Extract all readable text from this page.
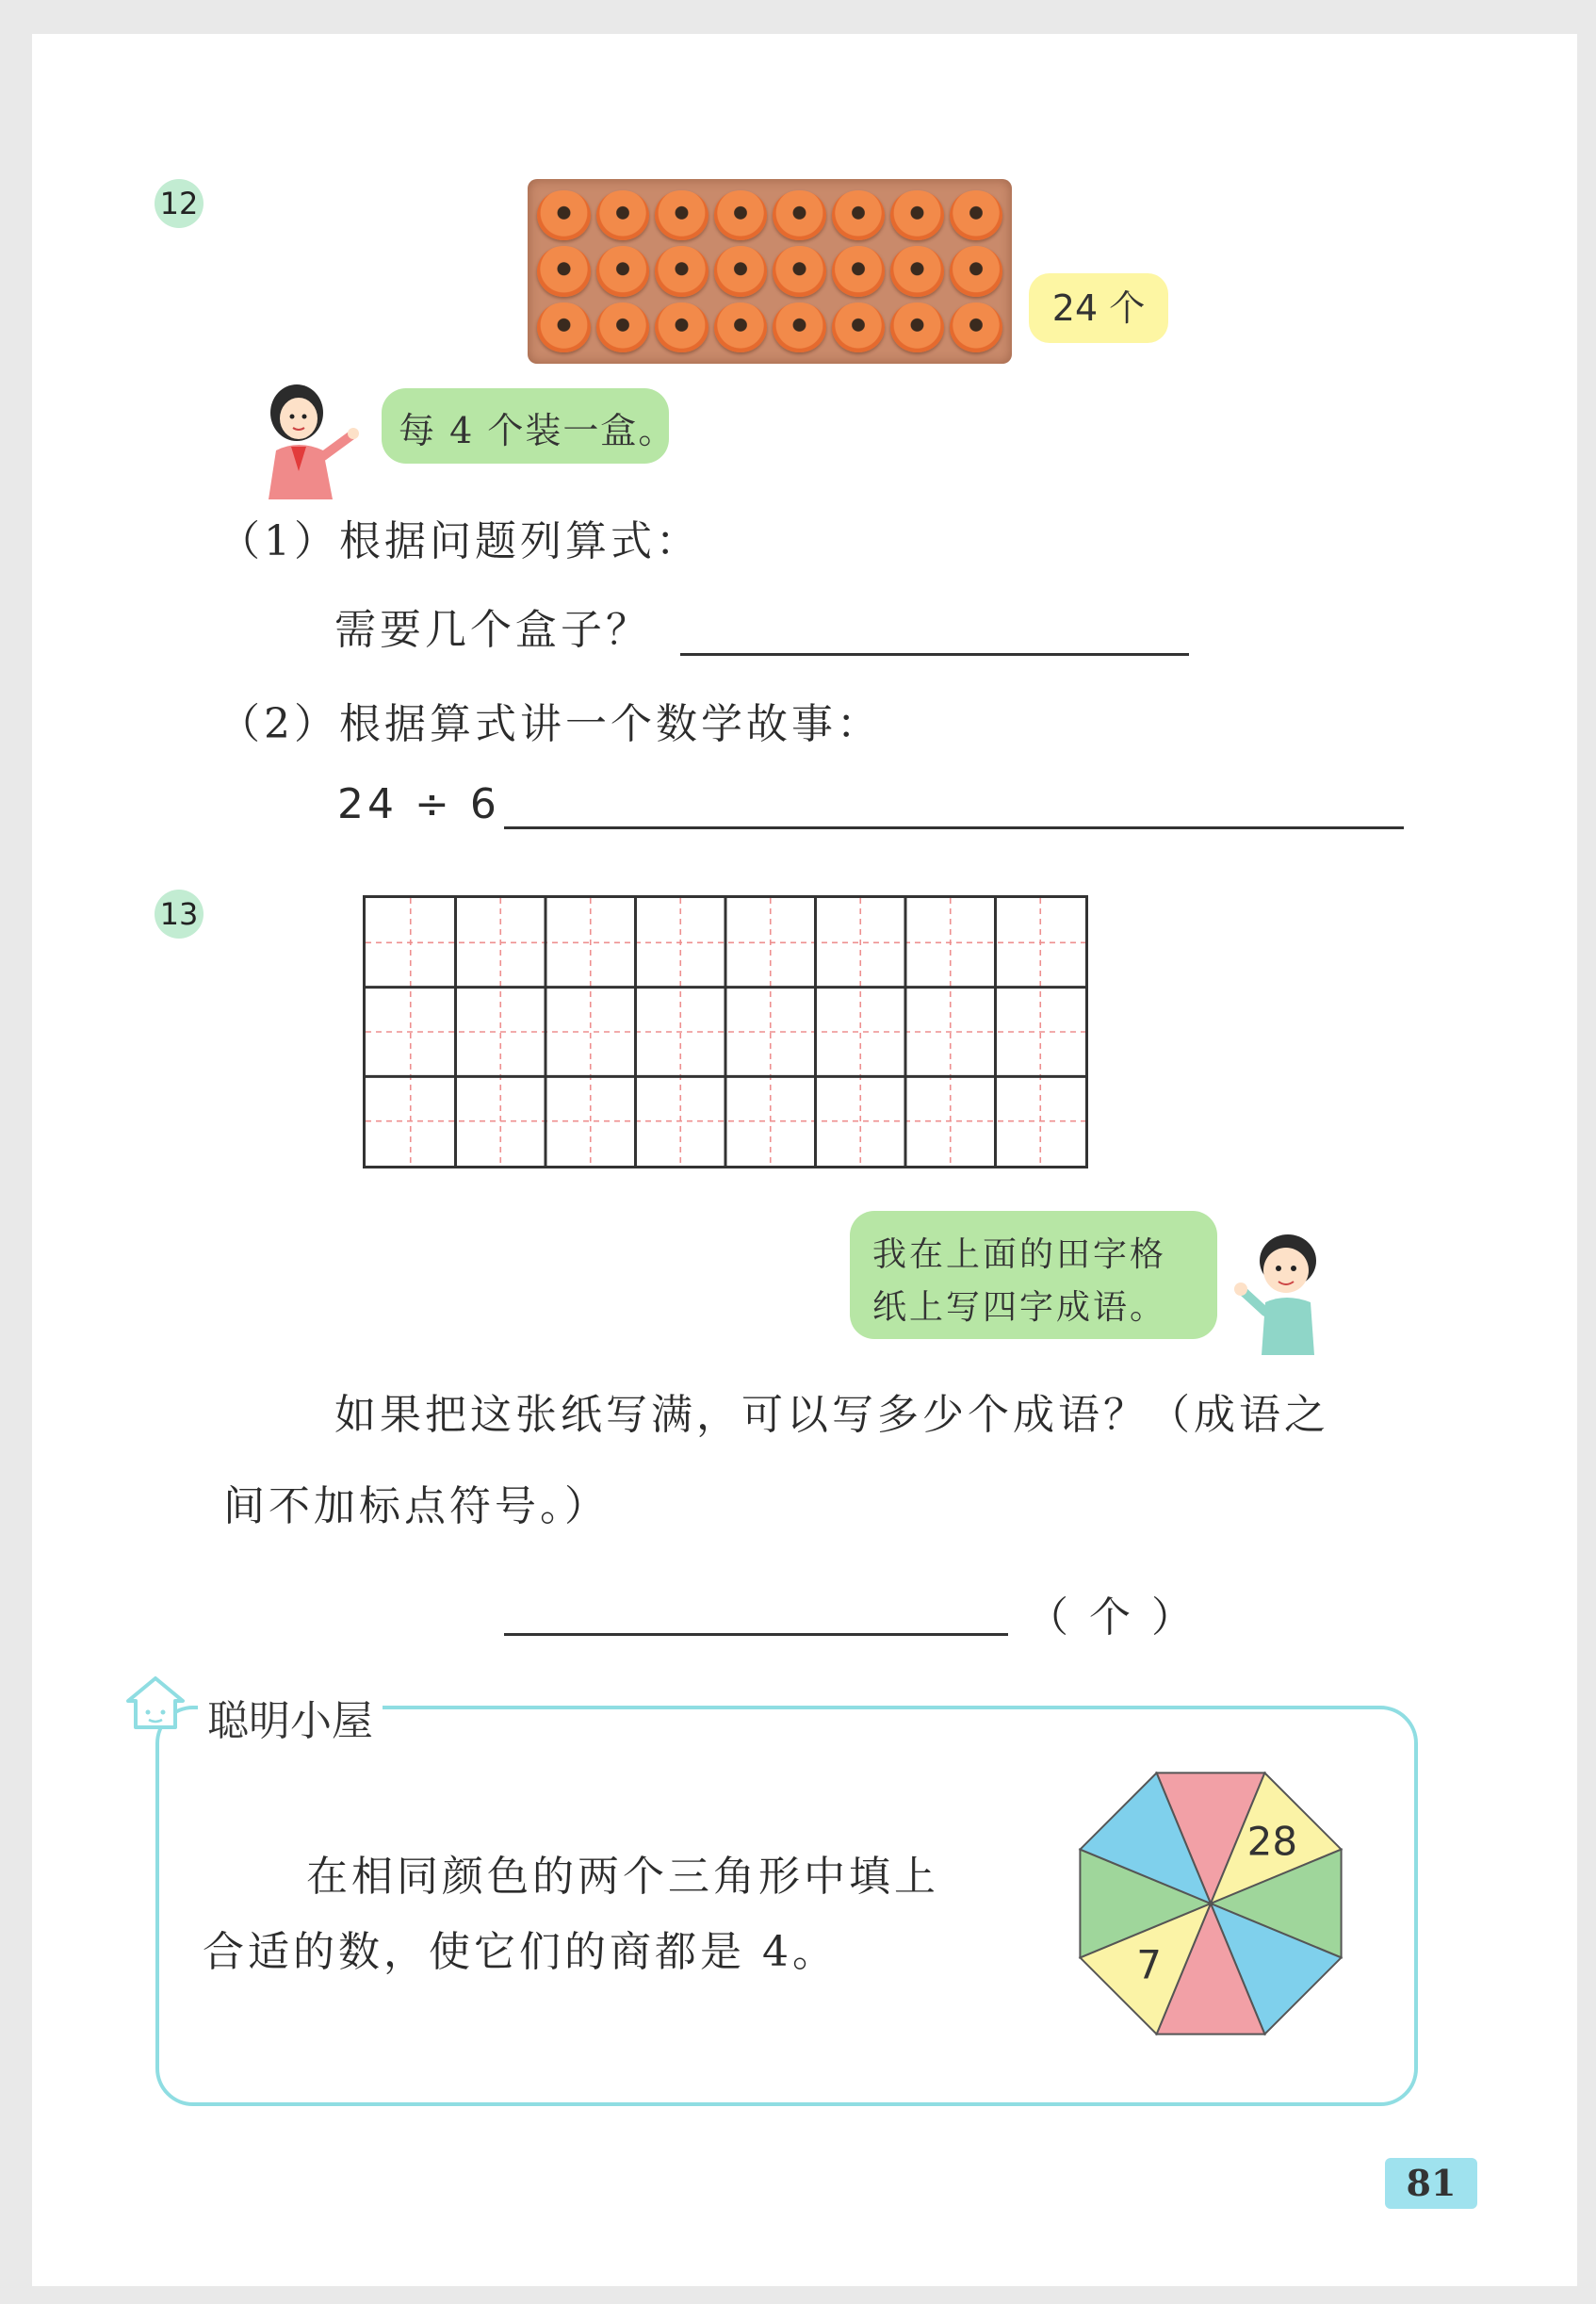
12
24 个
每 4 个装一盒。
（1）根据问题列算式：
需要几个盒子？
（2）根据算式讲一个数学故事：
24 ÷ 6
13
我在上面的田字格
纸上写四字成语。
如果把这张纸写满，可以写多少个成语？（成语之
间不加标点符号。）
（ 个 ）
聪明小屋
在相同颜色的两个三角形中填上
合适的数，使它们的商都是 4。
28
7
81
